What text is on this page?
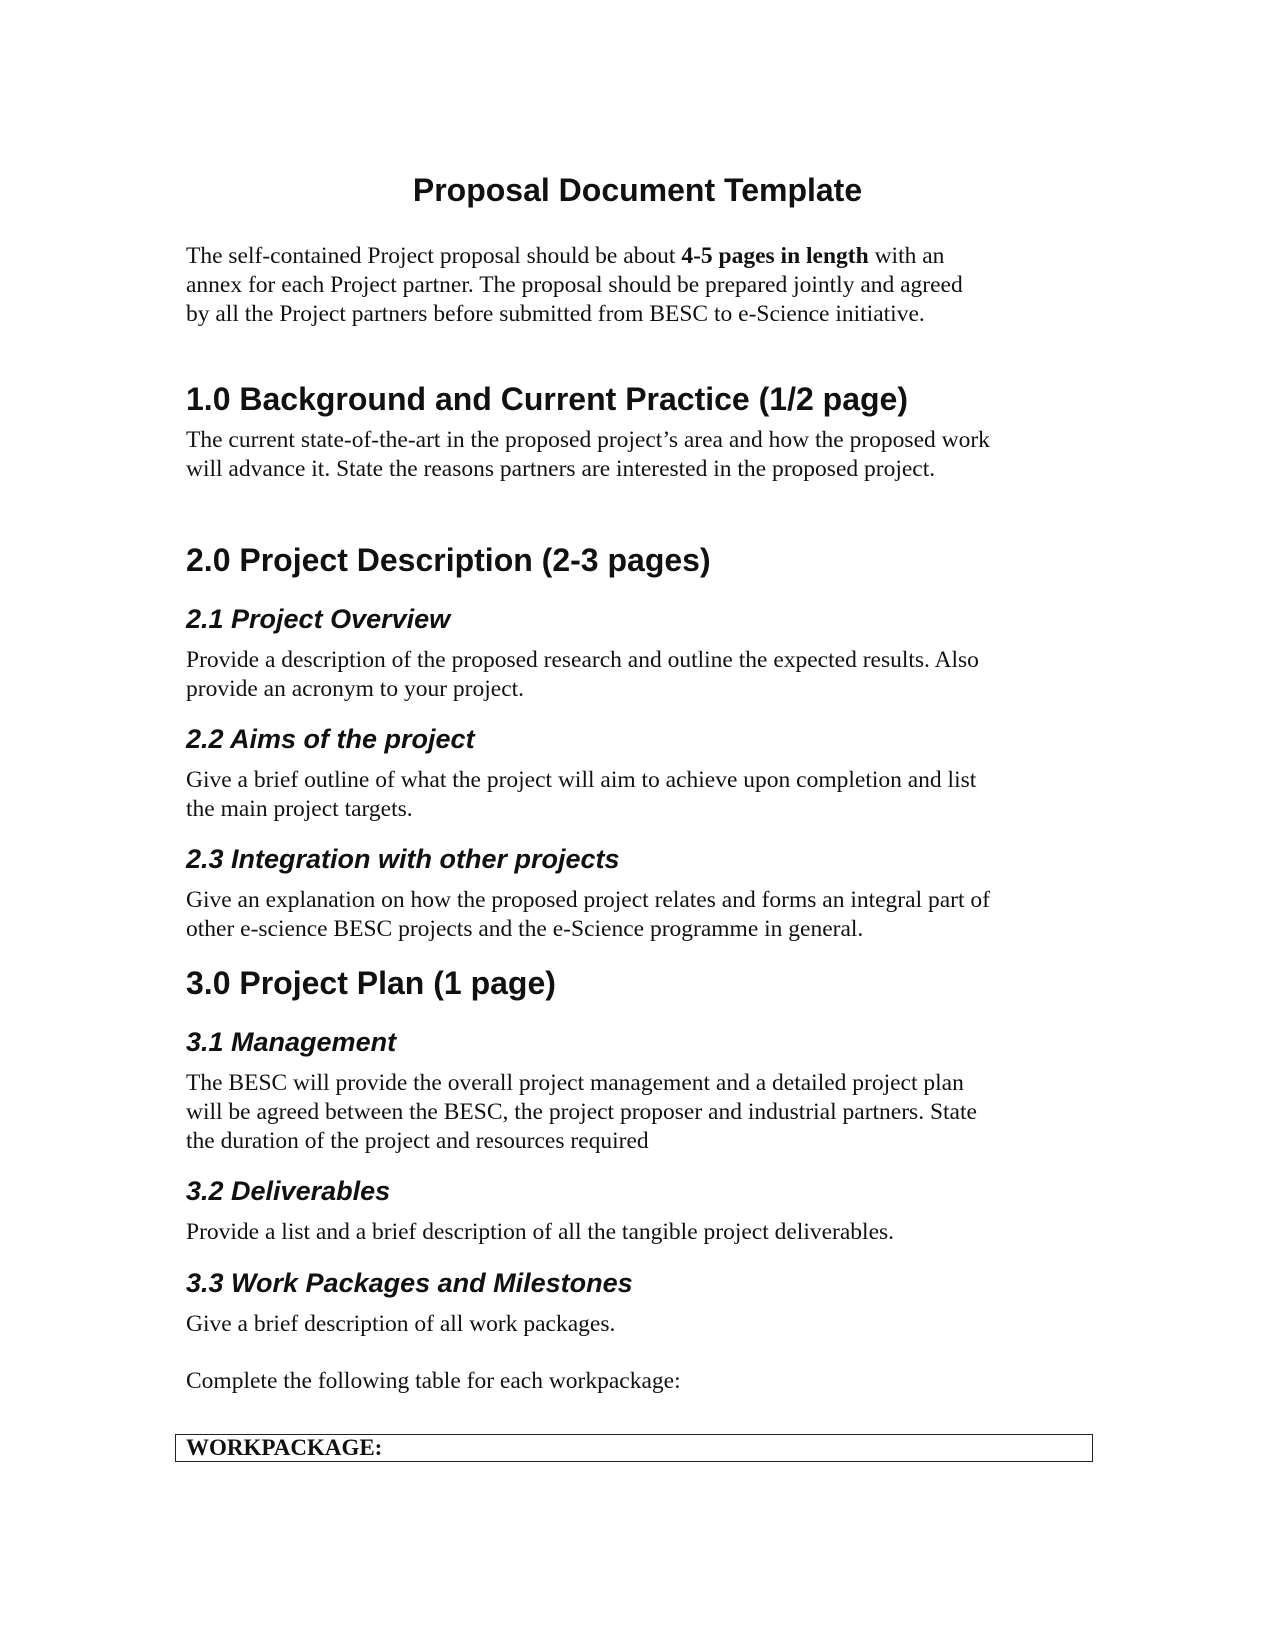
Proposal Document Template

The self-contained Project proposal should be about 4-5 pages in length with an
annex for each Project partner. The proposal should be prepared jointly and agreed
by all the Project partners before submitted from BESC to e-Science initiative.

1.0 Background and Current Practice (1/2 page)

The current state-of-the-art in the proposed project’s area and how the proposed work
will advance it. State the reasons partners are interested in the proposed project.

2.0 Project Description (2-3 pages)
2.1 Project Overview

Provide a description of the proposed research and outline the expected results. Also
provide an acronym to your project.

2.2 Aims of the project

Give a brief outline of what the project will aim to achieve upon completion and list
the main project targets.

2.3 Integration with other projects

Give an explanation on how the proposed project relates and forms an integral part of
other e-science BESC projects and the e-Science programme in general.

3.0 Project Plan (1 page)
3.1 Management

The BESC will provide the overall project management and a detailed project plan
will be agreed between the BESC, the project proposer and industrial partners. State
the duration of the project and resources required

3.2 Deliverables

Provide a list and a brief description of all the tangible project deliverables.

3.3 Work Packages and Milestones

Give a brief description of all work packages.

Complete the following table for each workpackage:

WORKPACKAGE:
